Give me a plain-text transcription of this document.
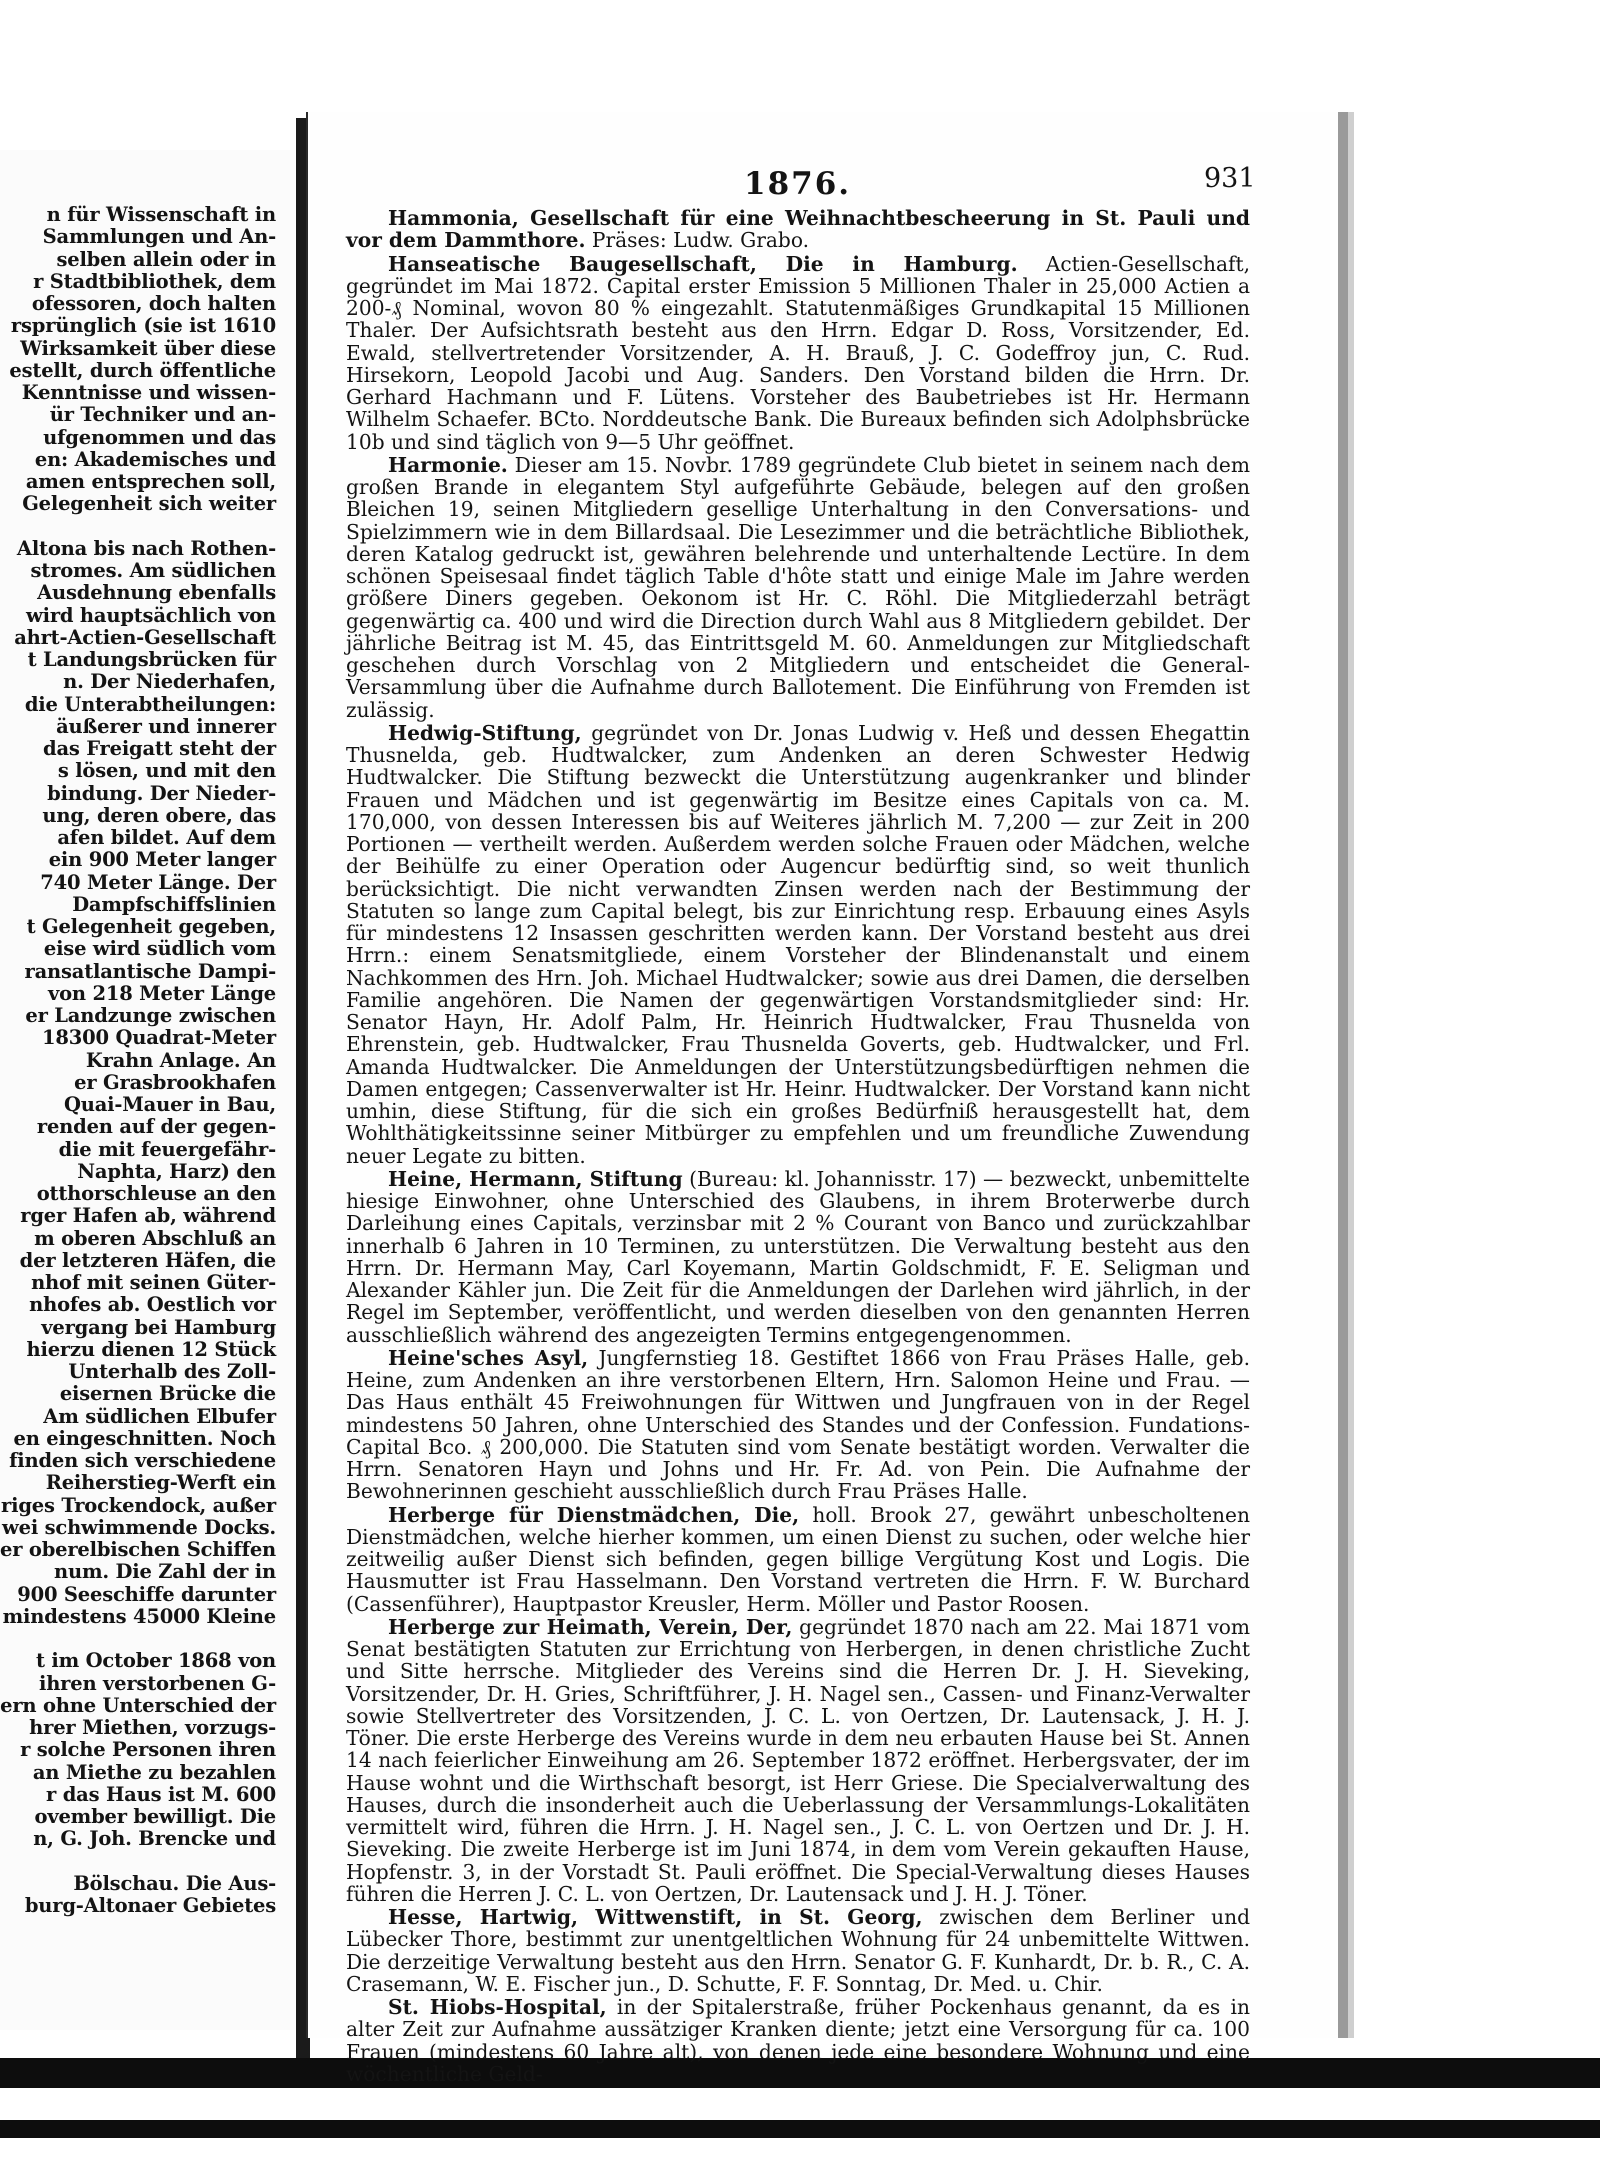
n für Wissenschaft in
Sammlungen und An-
selben allein oder in
r Stadtbibliothek, dem
ofessoren, doch halten
rsprünglich (sie ist 1610
Wirksamkeit über diese
estellt, durch öffentliche
Kenntnisse und wissen-
ür Techniker und an-
ufgenommen und das
en: Akademisches und
amen entsprechen soll,
Gelegenheit sich weiter
Altona bis nach Rothen-
stromes. Am südlichen
Ausdehnung ebenfalls
wird hauptsächlich von
ahrt-Actien-Gesellschaft
t Landungsbrücken für
n. Der Niederhafen,
die Unterabtheilungen:
äußerer und innerer
das Freigatt steht der
s lösen, und mit den
bindung. Der Nieder-
ung, deren obere, das
afen bildet. Auf dem
ein 900 Meter langer
740 Meter Länge. Der
Dampfschiffslinien
t Gelegenheit gegeben,
eise wird südlich vom
ransatlantische Dampi-
von 218 Meter Länge
er Landzunge zwischen
18300 Quadrat-Meter
Krahn Anlage. An
er Grasbrookhafen
Quai-Mauer in Bau,
renden auf der gegen-
die mit feuergefähr-
Naphta, Harz) den
otthorschleuse an den
rger Hafen ab, während
m oberen Abschluß an
der letzteren Häfen, die
nhof mit seinen Güter-
nhofes ab. Oestlich vor
vergang bei Hamburg
hierzu dienen 12 Stück
Unterhalb des Zoll-
eisernen Brücke die
Am südlichen Elbufer
en eingeschnitten. Noch
finden sich verschiedene
Reiherstieg-Werft ein
riges Trockendock, außer
wei schwimmende Docks.
er oberelbischen Schiffen
num. Die Zahl der in
900 Seeschiffe darunter
mindestens 45000 Kleine
t im October 1868 von
ihren verstorbenen G-
ern ohne Unterschied der
hrer Miethen, vorzugs-
r solche Personen ihren
an Miethe zu bezahlen
r das Haus ist M. 600
ovember bewilligt. Die
n, G. Joh. Brencke und
Bölschau. Die Aus-
burg-Altonaer Gebietes
1876.	931

Hammonia, Gesellschaft für eine Weihnachtbescheerung in St. Pauli und vor dem Dammthore. Präses: Ludw. Grabo.

Hanseatische Baugesellschaft, Die in Hamburg. Actien-Gesellschaft, gegründet im Mai 1872. Capital erster Emission 5 Millionen Thaler in 25,000 Actien a 200-₰ Nominal, wovon 80 % eingezahlt. Statutenmäßiges Grundkapital 15 Millionen Thaler. Der Aufsichtsrath besteht aus den Hrrn. Edgar D. Ross, Vorsitzender, Ed. Ewald, stellvertretender Vorsitzender, A. H. Brauß, J. C. Godeffroy jun, C. Rud. Hirsekorn, Leopold Jacobi und Aug. Sanders. Den Vorstand bilden die Hrrn. Dr. Gerhard Hachmann und F. Lütens. Vorsteher des Baubetriebes ist Hr. Hermann Wilhelm Schaefer. BCto. Norddeutsche Bank. Die Bureaux befinden sich Adolphsbrücke 10b und sind täglich von 9—5 Uhr geöffnet.

Harmonie. Dieser am 15. Novbr. 1789 gegründete Club bietet in seinem nach dem großen Brande in elegantem Styl aufgeführte Gebäude, belegen auf den großen Bleichen 19, seinen Mitgliedern gesellige Unterhaltung in den Conversations- und Spielzimmern wie in dem Billardsaal. Die Lesezimmer und die beträchtliche Bibliothek, deren Katalog gedruckt ist, gewähren belehrende und unterhaltende Lectüre. In dem schönen Speisesaal findet täglich Table d'hôte statt und einige Male im Jahre werden größere Diners gegeben. Oekonom ist Hr. C. Röhl. Die Mitgliederzahl beträgt gegenwärtig ca. 400 und wird die Direction durch Wahl aus 8 Mitgliedern gebildet. Der jährliche Beitrag ist M. 45, das Eintrittsgeld M. 60. Anmeldungen zur Mitgliedschaft geschehen durch Vorschlag von 2 Mitgliedern und entscheidet die General-Versammlung über die Aufnahme durch Ballotement. Die Einführung von Fremden ist zulässig.

Hedwig-Stiftung, gegründet von Dr. Jonas Ludwig v. Heß und dessen Ehegattin Thusnelda, geb. Hudtwalcker, zum Andenken an deren Schwester Hedwig Hudtwalcker. Die Stiftung bezweckt die Unterstützung augenkranker und blinder Frauen und Mädchen und ist gegenwärtig im Besitze eines Capitals von ca. M. 170,000, von dessen Interessen bis auf Weiteres jährlich M. 7,200 — zur Zeit in 200 Portionen — vertheilt werden. Außerdem werden solche Frauen oder Mädchen, welche der Beihülfe zu einer Operation oder Augencur bedürftig sind, so weit thunlich berücksichtigt. Die nicht verwandten Zinsen werden nach der Bestimmung der Statuten so lange zum Capital belegt, bis zur Einrichtung resp. Erbauung eines Asyls für mindestens 12 Insassen geschritten werden kann. Der Vorstand besteht aus drei Hrrn.: einem Senatsmitgliede, einem Vorsteher der Blindenanstalt und einem Nachkommen des Hrn. Joh. Michael Hudtwalcker; sowie aus drei Damen, die derselben Familie angehören. Die Namen der gegenwärtigen Vorstandsmitglieder sind: Hr. Senator Hayn, Hr. Adolf Palm, Hr. Heinrich Hudtwalcker, Frau Thusnelda von Ehrenstein, geb. Hudtwalcker, Frau Thusnelda Goverts, geb. Hudtwalcker, und Frl. Amanda Hudtwalcker. Die Anmeldungen der Unterstützungsbedürftigen nehmen die Damen entgegen; Cassenverwalter ist Hr. Heinr. Hudtwalcker. Der Vorstand kann nicht umhin, diese Stiftung, für die sich ein großes Bedürfniß herausgestellt hat, dem Wohlthätigkeitssinne seiner Mitbürger zu empfehlen und um freundliche Zuwendung neuer Legate zu bitten.

Heine, Hermann, Stiftung (Bureau: kl. Johannisstr. 17) — bezweckt, unbemittelte hiesige Einwohner, ohne Unterschied des Glaubens, in ihrem Broterwerbe durch Darleihung eines Capitals, verzinsbar mit 2 % Courant von Banco und zurückzahlbar innerhalb 6 Jahren in 10 Terminen, zu unterstützen. Die Verwaltung besteht aus den Hrrn. Dr. Hermann May, Carl Koyemann, Martin Goldschmidt, F. E. Seligman und Alexander Kähler jun. Die Zeit für die Anmeldungen der Darlehen wird jährlich, in der Regel im September, veröffentlicht, und werden dieselben von den genannten Herren ausschließlich während des angezeigten Termins entgegengenommen.

Heine'sches Asyl, Jungfernstieg 18. Gestiftet 1866 von Frau Präses Halle, geb. Heine, zum Andenken an ihre verstorbenen Eltern, Hrn. Salomon Heine und Frau. — Das Haus enthält 45 Freiwohnungen für Wittwen und Jungfrauen von in der Regel mindestens 50 Jahren, ohne Unterschied des Standes und der Confession. Fundations-Capital Bco. ₰ 200,000. Die Statuten sind vom Senate bestätigt worden. Verwalter die Hrrn. Senatoren Hayn und Johns und Hr. Fr. Ad. von Pein. Die Aufnahme der Bewohnerinnen geschieht ausschließlich durch Frau Präses Halle.

Herberge für Dienstmädchen, Die, holl. Brook 27, gewährt unbescholtenen Dienstmädchen, welche hierher kommen, um einen Dienst zu suchen, oder welche hier zeitweilig außer Dienst sich befinden, gegen billige Vergütung Kost und Logis. Die Hausmutter ist Frau Hasselmann. Den Vorstand vertreten die Hrrn. F. W. Burchard (Cassenführer), Hauptpastor Kreusler, Herm. Möller und Pastor Roosen.

Herberge zur Heimath, Verein, Der, gegründet 1870 nach am 22. Mai 1871 vom Senat bestätigten Statuten zur Errichtung von Herbergen, in denen christliche Zucht und Sitte herrsche. Mitglieder des Vereins sind die Herren Dr. J. H. Sieveking, Vorsitzender, Dr. H. Gries, Schriftführer, J. H. Nagel sen., Cassen- und Finanz-Verwalter sowie Stellvertreter des Vorsitzenden, J. C. L. von Oertzen, Dr. Lautensack, J. H. J. Töner. Die erste Herberge des Vereins wurde in dem neu erbauten Hause bei St. Annen 14 nach feierlicher Einweihung am 26. September 1872 eröffnet. Herbergsvater, der im Hause wohnt und die Wirthschaft besorgt, ist Herr Griese. Die Specialverwaltung des Hauses, durch die insonderheit auch die Ueberlassung der Versammlungs-Lokalitäten vermittelt wird, führen die Hrrn. J. H. Nagel sen., J. C. L. von Oertzen und Dr. J. H. Sieveking. Die zweite Herberge ist im Juni 1874, in dem vom Verein gekauften Hause, Hopfenstr. 3, in der Vorstadt St. Pauli eröffnet. Die Special-Verwaltung dieses Hauses führen die Herren J. C. L. von Oertzen, Dr. Lautensack und J. H. J. Töner.

Hesse, Hartwig, Wittwenstift, in St. Georg, zwischen dem Berliner und Lübecker Thore, bestimmt zur unentgeltlichen Wohnung für 24 unbemittelte Wittwen. Die derzeitige Verwaltung besteht aus den Hrrn. Senator G. F. Kunhardt, Dr. b. R., C. A. Crasemann, W. E. Fischer jun., D. Schutte, F. F. Sonntag, Dr. Med. u. Chir.

St. Hiobs-Hospital, in der Spitalerstraße, früher Pockenhaus genannt, da es in alter Zeit zur Aufnahme aussätziger Kranken diente; jetzt eine Versorgung für ca. 100 Frauen (mindestens 60 Jahre alt), von denen jede eine besondere Wohnung und eine wöchentliche Geld-
